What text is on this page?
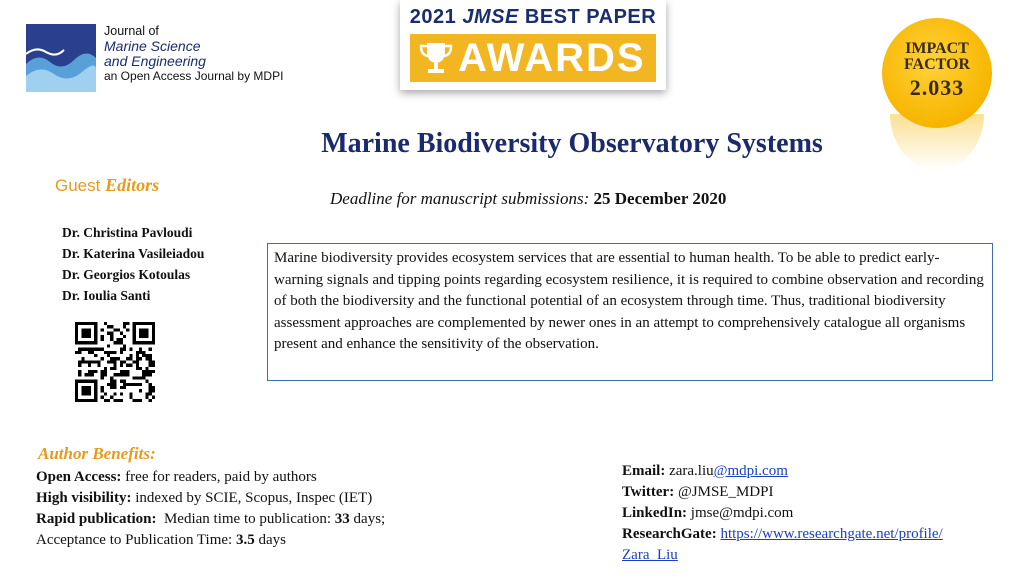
Journal of
Marine Science
and Engineering
an Open Access Journal by MDPI
2021 JMSE BEST PAPER
AWARDS	IMPACT
FACTOR
2.033
Marine Biodiversity Observatory Systems
Guest Editors
Deadline for manuscript submissions: 25 December 2020
Dr. Christina Pavloudi
Dr. Katerina Vasileiadou
Dr. Georgios Kotoulas
Dr. Ioulia Santi
Marine biodiversity provides ecosystem services that are essential to human health. To be able to predict early-warning signals and tipping points regarding ecosystem resilience, it is required to combine observation and recording of both the biodiversity and the functional potential of an ecosystem through time. Thus, traditional biodiversity assessment approaches are complemented by newer ones in an attempt to comprehensively catalogue all organisms present and enhance the sensitivity of the observation.
Author Benefits:
Open Access: free for readers, paid by authors
High visibility: indexed by SCIE, Scopus, Inspec (IET)
Rapid publication:  Median time to publication: 33 days;
Acceptance to Publication Time: 3.5 days
Email: zara.liu@mdpi.com
Twitter: @JMSE_MDPI
LinkedIn: jmse@mdpi.com
ResearchGate: https://www.researchgate.net/profile/
Zara_Liu
